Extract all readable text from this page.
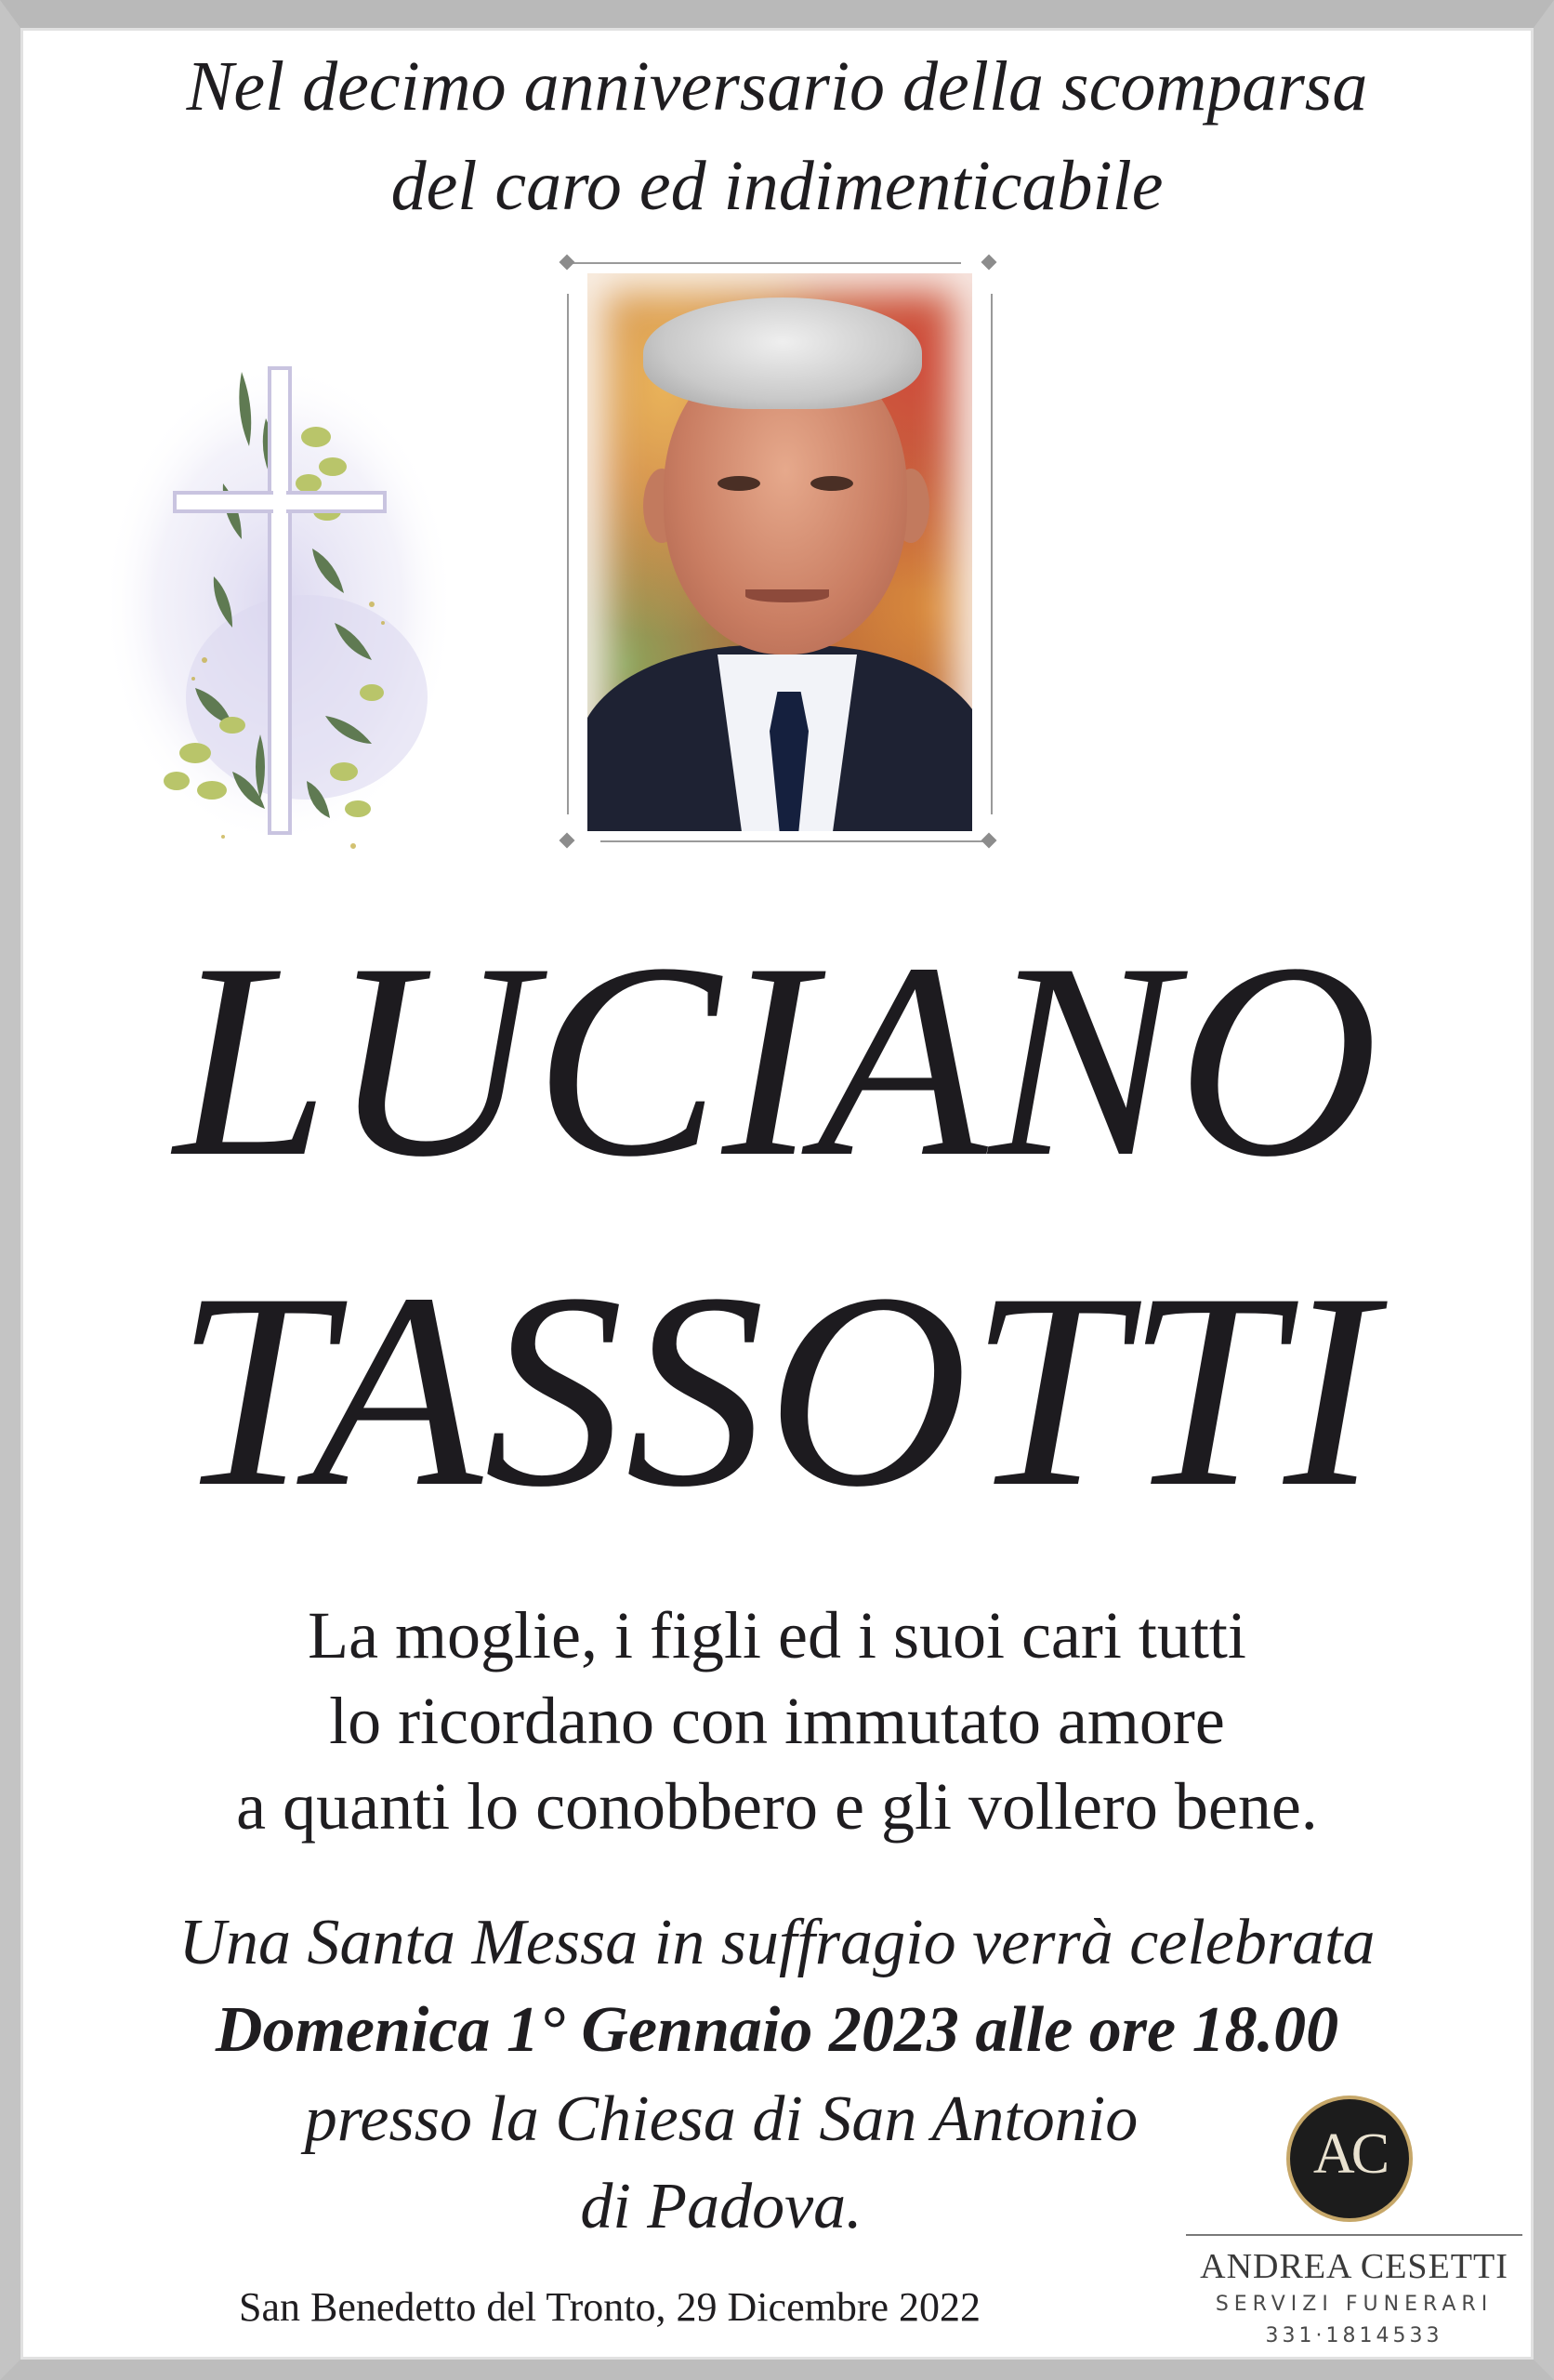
Nel decimo anniversario della scomparsa
del caro ed indimenticabile
LUCIANO
TASSOTTI
La moglie, i figli ed i suoi cari tutti
lo ricordano con immutato amore
a quanti lo conobbero e gli vollero bene.
Una Santa Messa in suffragio verrà celebrata
Domenica 1° Gennaio 2023 alle ore 18.00
presso la Chiesa di San Antonio
di Padova.
San Benedetto del Tronto, 29 Dicembre 2022
AC
ANDREA CESETTI
SERVIZI FUNERARI
331·1814533
